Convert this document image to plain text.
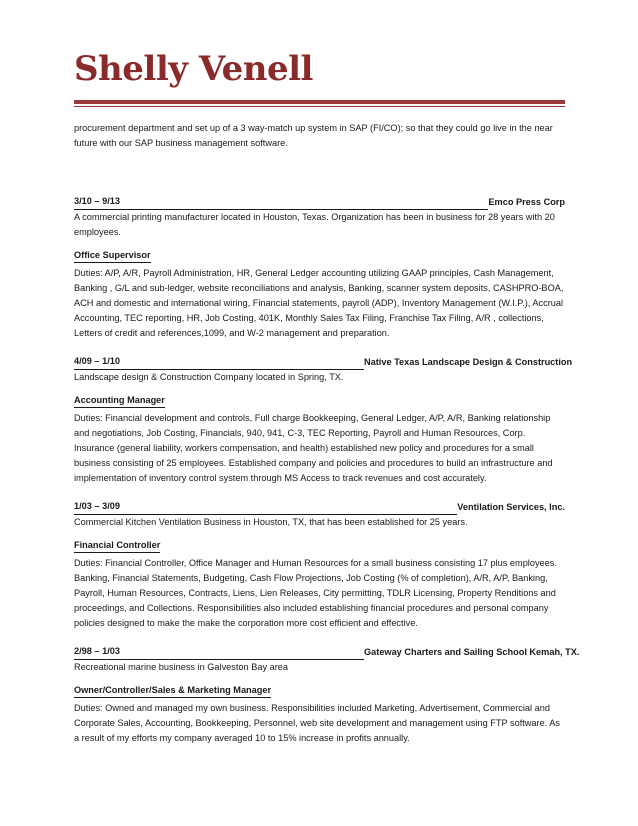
Shelly Venell

procurement department and set up of a 3 way-match up system in SAP (FI/CO); so that they could go live in the near future with our SAP business management software.

3/10 – 9/13	Emco Press Corp

A commercial printing manufacturer located in Houston, Texas. Organization has been in business for 28 years with 20 employees.

Office Supervisor

Duties: A/P, A/R, Payroll Administration, HR, General Ledger accounting utilizing GAAP principles, Cash Management, Banking , G/L and sub-ledger, website reconciliations and analysis, Banking, scanner system deposits, CASHPRO-BOA, ACH and domestic and international wiring, Financial statements, payroll (ADP), Inventory Management (W.I.P.), Accrual Accounting, TEC reporting, HR, Job Costing, 401K, Monthly Sales Tax Filing, Franchise Tax Filing, A/R , collections, Letters of credit and references,1099, and W-2 management and preparation.

4/09 – 1/10	Native Texas Landscape Design & Construction

Landscape design & Construction Company located in Spring, TX.

Accounting Manager

Duties: Financial development and controls, Full charge Bookkeeping, General Ledger, A/P, A/R, Banking relationship and negotiations, Job Costing, Financials, 940, 941, C-3, TEC Reporting, Payroll and Human Resources, Corp. Insurance (general liability, workers compensation, and health) established new policy and procedures for a small business consisting of 25 employees. Established company and policies and procedures to build an infrastructure and implementation of inventory control system through MS Access to track revenues and cost accurately.

1/03 – 3/09	Ventilation Services, Inc.

Commercial Kitchen Ventilation Business in Houston, TX, that has been established for 25 years.

Financial Controller

Duties: Financial Controller, Office Manager and Human Resources for a small business consisting 17 plus employees. Banking, Financial Statements, Budgeting, Cash Flow Projections, Job Costing (% of completion), A/R, A/P, Banking, Payroll, Human Resources, Contracts, Liens, Lien Releases, City permitting, TDLR Licensing, Property Renditions and proceedings, and Collections. Responsibilities also included establishing financial procedures and personal company policies designed to make the make the corporation more cost efficient and effective.

2/98 – 1/03	Gateway Charters and Sailing School Kemah, TX.

Recreational marine business in Galveston Bay area

Owner/Controller/Sales & Marketing Manager

Duties: Owned and managed my own business. Responsibilities included Marketing, Advertisement, Commercial and Corporate Sales, Accounting, Bookkeeping, Personnel, web site development and management using FTP software. As a result of my efforts my company averaged 10 to 15% increase in profits annually.
